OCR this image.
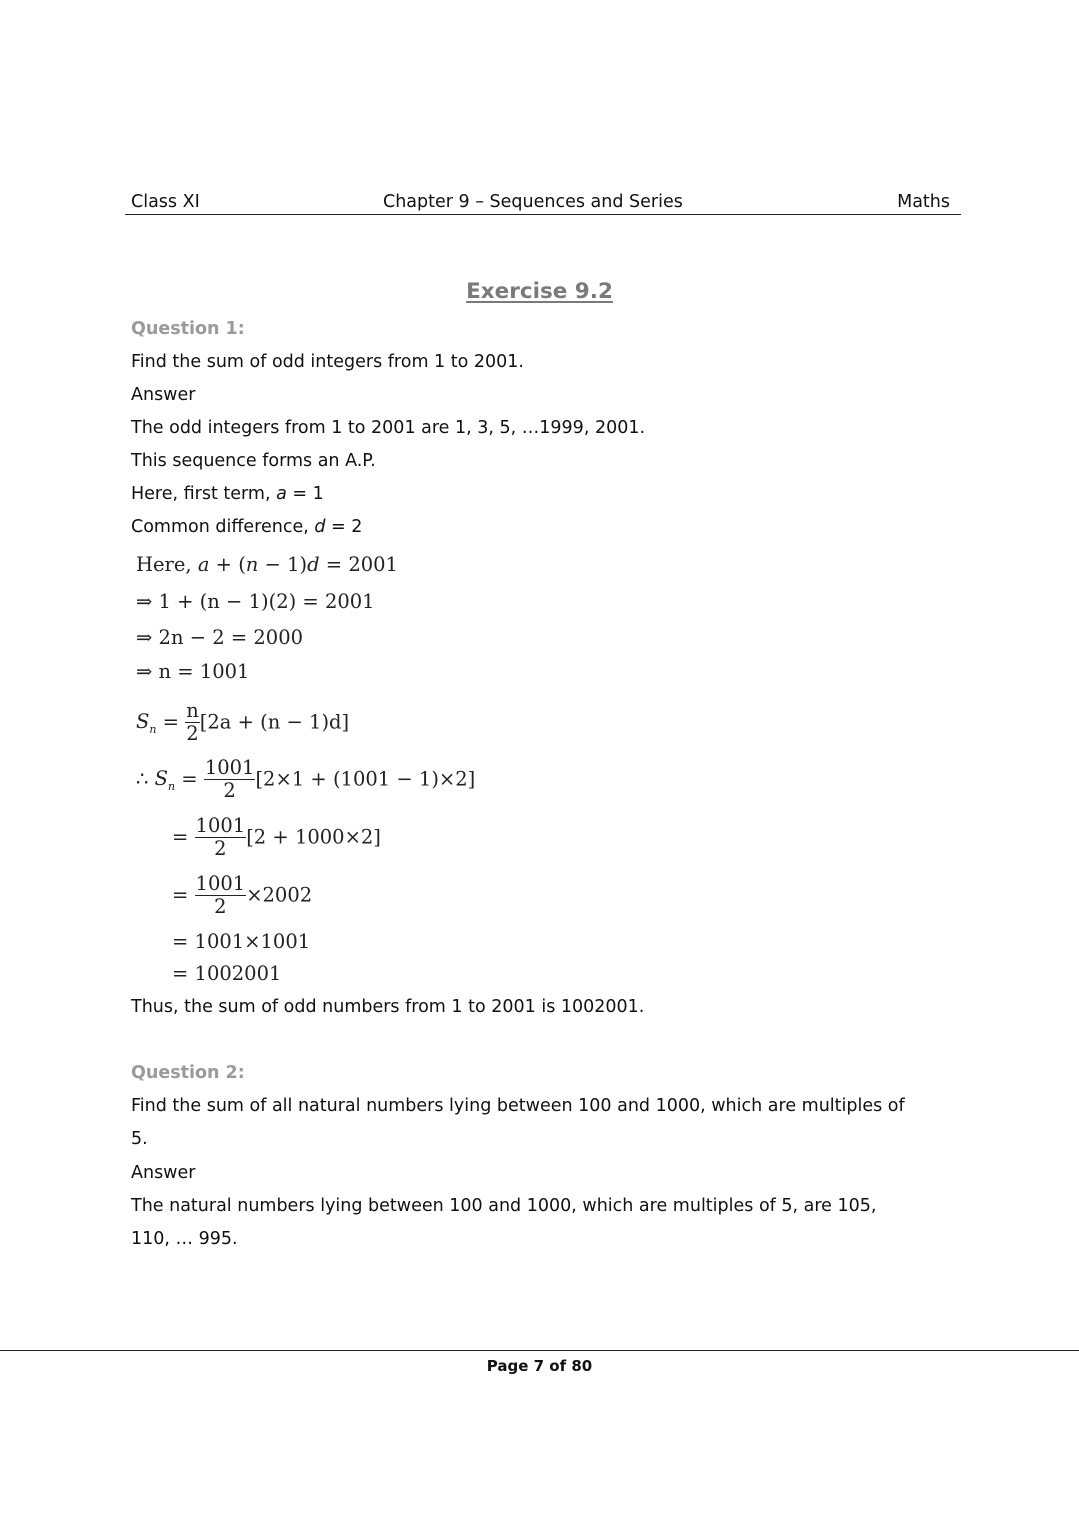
Class XI	Chapter 9 – Sequences and Series	Maths
Exercise 9.2
Question 1:
Find the sum of odd integers from 1 to 2001.
Answer
The odd integers from 1 to 2001 are 1, 3, 5, …1999, 2001.
This sequence forms an A.P.
Here, first term, a = 1
Common difference, d = 2
Here, a + (n − 1)d = 2001
⇒ 1 + (n − 1)(2) = 2001
⇒ 2n − 2 = 2000
⇒ n = 1001
$S_n = \frac{n}{2} [2a + (n - 1)d]$
∴ $S_n = \frac{1001}{2} [2\times 1 + (1001 - 1)\times 2]$
= $\frac{1001}{2} [2 + 1000\times 2]$
= $\frac{1001}{2} \times 2002$
= 1001×1001
= 1002001
Thus, the sum of odd numbers from 1 to 2001 is 1002001.
Question 2:
Find the sum of all natural numbers lying between 100 and 1000, which are multiples of
5.
Answer
The natural numbers lying between 100 and 1000, which are multiples of 5, are 105,
110, … 995.
Page 7 of 80
